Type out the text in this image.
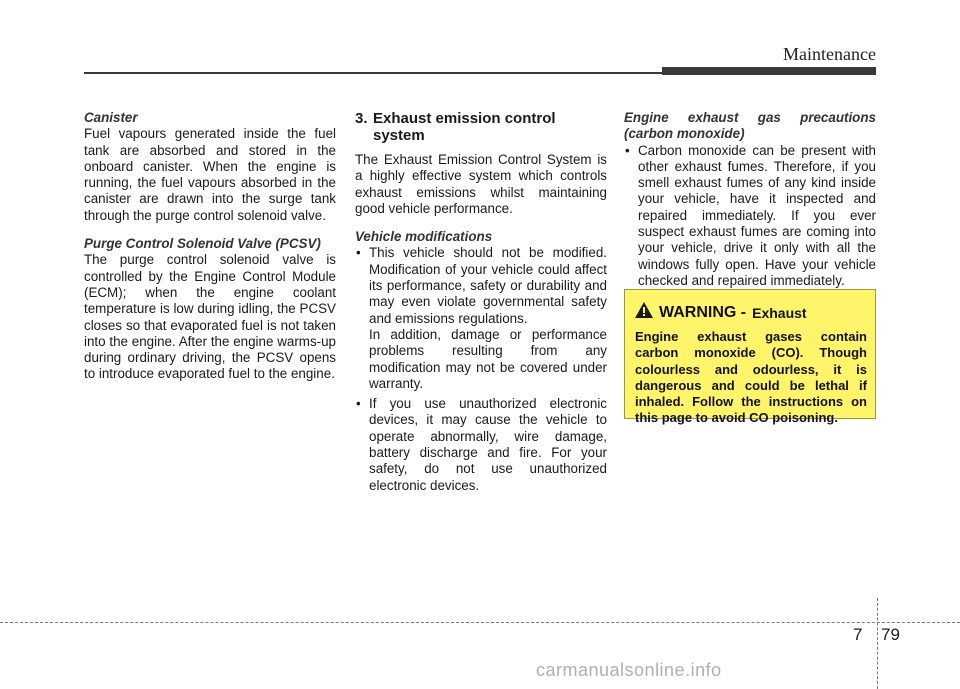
Maintenance

Canister

Fuel vapours generated inside the fuel tank are absorbed and stored in the onboard canister. When the engine is running, the fuel vapours absorbed in the canister are drawn into the surge tank through the purge control solenoid valve.

Purge Control Solenoid Valve (PCSV)

The purge control solenoid valve is controlled by the Engine Control Module (ECM); when the engine coolant temperature is low during idling, the PCSV closes so that evaporated fuel is not taken into the engine. After the engine warms-up during ordinary driving, the PCSV opens to introduce evaporated fuel to the engine.

3. Exhaust emission control
system

The Exhaust Emission Control System is a highly effective system which controls exhaust emissions whilst maintaining good vehicle performance.

Vehicle modifications

• This vehicle should not be modified. Modification of your vehicle could affect its performance, safety or durability and may even violate governmental safety and emissions regulations.

In addition, damage or performance problems resulting from any modification may not be covered under warranty.

• If you use unauthorized electronic devices, it may cause the vehicle to operate abnormally, wire damage, battery discharge and fire. For your safety, do not use unauthorized electronic devices.

Engine exhaust gas precautions (carbon monoxide)

• Carbon monoxide can be present with other exhaust fumes. Therefore, if you smell exhaust fumes of any kind inside your vehicle, have it inspected and repaired immediately. If you ever suspect exhaust fumes are coming into your vehicle, drive it only with all the windows fully open. Have your vehicle checked and repaired immediately.

WARNING - Exhaust

Engine exhaust gases contain carbon monoxide (CO). Though colourless and odourless, it is dangerous and could be lethal if inhaled. Follow the instructions on this page to avoid CO poisoning.

7 79
carmanualsonline.info
